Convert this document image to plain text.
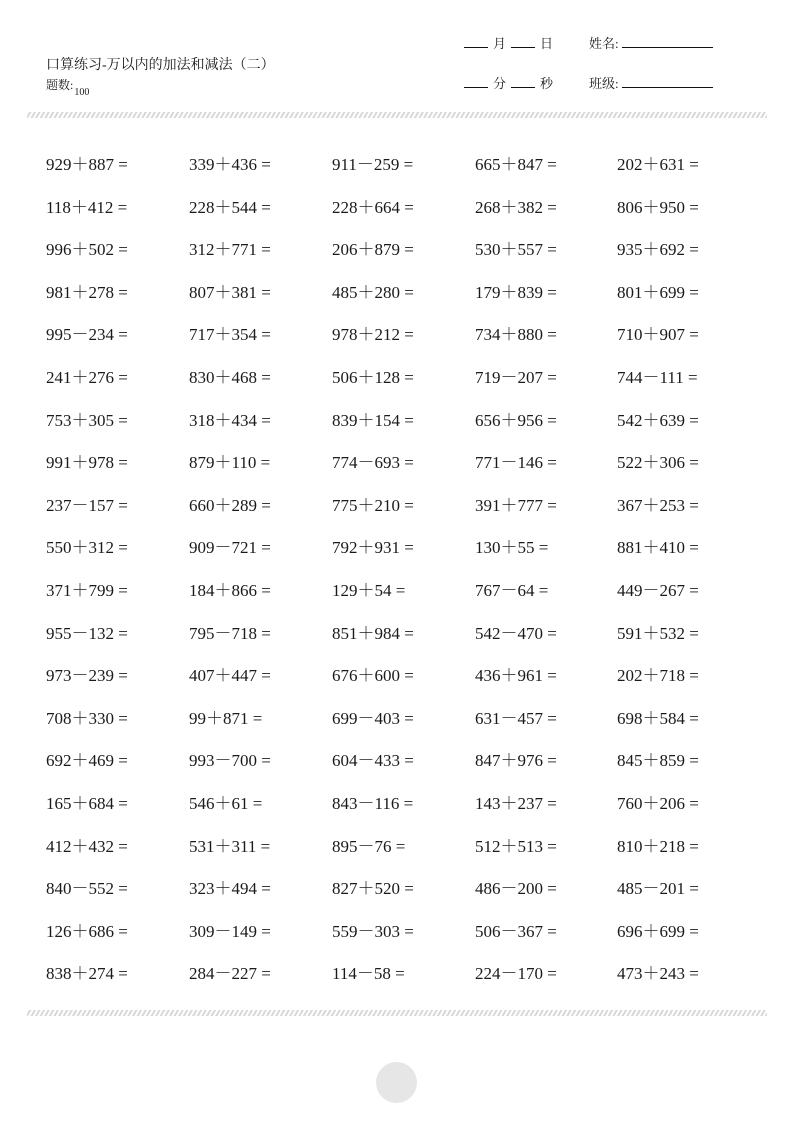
口算练习-万以内的加法和减法（二）
题数$:_{100}$
月	日
分	秒
姓名:
班级:
929＋887 =	339＋436 =	911－259 =	665＋847 =	202＋631 =
118＋412 =	228＋544 =	228＋664 =	268＋382 =	806＋950 =
996＋502 =	312＋771 =	206＋879 =	530＋557 =	935＋692 =
981＋278 =	807＋381 =	485＋280 =	179＋839 =	801＋699 =
995－234 =	717＋354 =	978＋212 =	734＋880 =	710＋907 =
241＋276 =	830＋468 =	506＋128 =	719－207 =	744－111 =
753＋305 =	318＋434 =	839＋154 =	656＋956 =	542＋639 =
991＋978 =	879＋110 =	774－693 =	771－146 =	522＋306 =
237－157 =	660＋289 =	775＋210 =	391＋777 =	367＋253 =
550＋312 =	909－721 =	792＋931 =	130＋55 =	881＋410 =
371＋799 =	184＋866 =	129＋54 =	767－64 =	449－267 =
955－132 =	795－718 =	851＋984 =	542－470 =	591＋532 =
973－239 =	407＋447 =	676＋600 =	436＋961 =	202＋718 =
708＋330 =	99＋871 =	699－403 =	631－457 =	698＋584 =
692＋469 =	993－700 =	604－433 =	847＋976 =	845＋859 =
165＋684 =	546＋61 =	843－116 =	143＋237 =	760＋206 =
412＋432 =	531＋311 =	895－76 =	512＋513 =	810＋218 =
840－552 =	323＋494 =	827＋520 =	486－200 =	485－201 =
126＋686 =	309－149 =	559－303 =	506－367 =	696＋699 =
838＋274 =	284－227 =	114－58 =	224－170 =	473＋243 =
